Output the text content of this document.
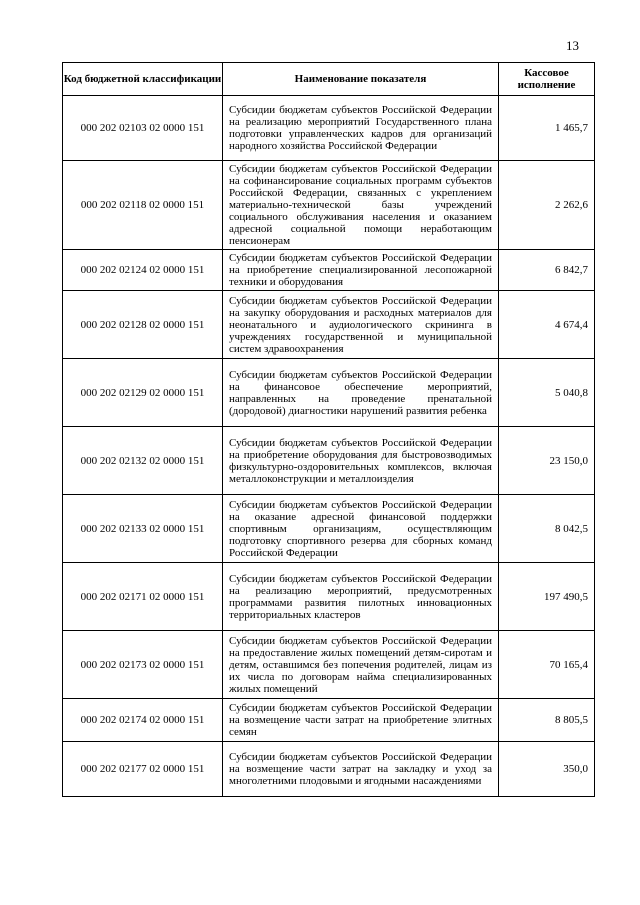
13
Код бюджетной классификации	Наименование показателя	Кассовое исполнение
000 202 02103 02 0000 151	Субсидии бюджетам субъектов Российской Федерации на реализацию мероприятий Государственного плана подготовки управленческих кадров для организаций народного хозяйства Российской Федерации	1 465,7
000 202 02118 02 0000 151	Субсидии бюджетам субъектов Российской Федерации на софинансирование социальных программ субъектов Российской Федерации, связанных с укреплением материально-технической базы учреждений социального обслуживания населения и оказанием адресной социальной помощи неработающим пенсионерам	2 262,6
000 202 02124 02 0000 151	Субсидии бюджетам субъектов Российской Федерации на приобретение специализированной лесопожарной техники и оборудования	6 842,7
000 202 02128 02 0000 151	Субсидии бюджетам субъектов Российской Федерации на закупку оборудования и расходных материалов для неонатального и аудиологического скрининга в учреждениях государственной и муниципальной систем здравоохранения	4 674,4
000 202 02129 02 0000 151	Субсидии бюджетам субъектов Российской Федерации на финансовое обеспечение мероприятий, направленных на проведение пренатальной (дородовой) диагностики нарушений развития ребенка	5 040,8
000 202 02132 02 0000 151	Субсидии бюджетам субъектов Российской Федерации на приобретение оборудования для быстровозводимых физкультурно-оздоровительных комплексов, включая металлоконструкции и металлоизделия	23 150,0
000 202 02133 02 0000 151	Субсидии бюджетам субъектов Российской Федерации на оказание адресной финансовой поддержки спортивным организациям, осуществляющим подготовку спортивного резерва для сборных команд Российской Федерации	8 042,5
000 202 02171 02 0000 151	Субсидии бюджетам субъектов Российской Федерации на реализацию мероприятий, предусмотренных программами развития пилотных инновационных территориальных кластеров	197 490,5
000 202 02173 02 0000 151	Субсидии бюджетам субъектов Российской Федерации на предоставление жилых помещений детям-сиротам и детям, оставшимся без попечения родителей, лицам из их числа по договорам найма специализированных жилых помещений	70 165,4
000 202 02174 02 0000 151	Субсидии бюджетам субъектов Российской Федерации на возмещение части затрат на приобретение элитных семян	8 805,5
000 202 02177 02 0000 151	Субсидии бюджетам субъектов Российской Федерации на возмещение части затрат на закладку и уход за многолетними плодовыми и ягодными насаждениями	350,0
